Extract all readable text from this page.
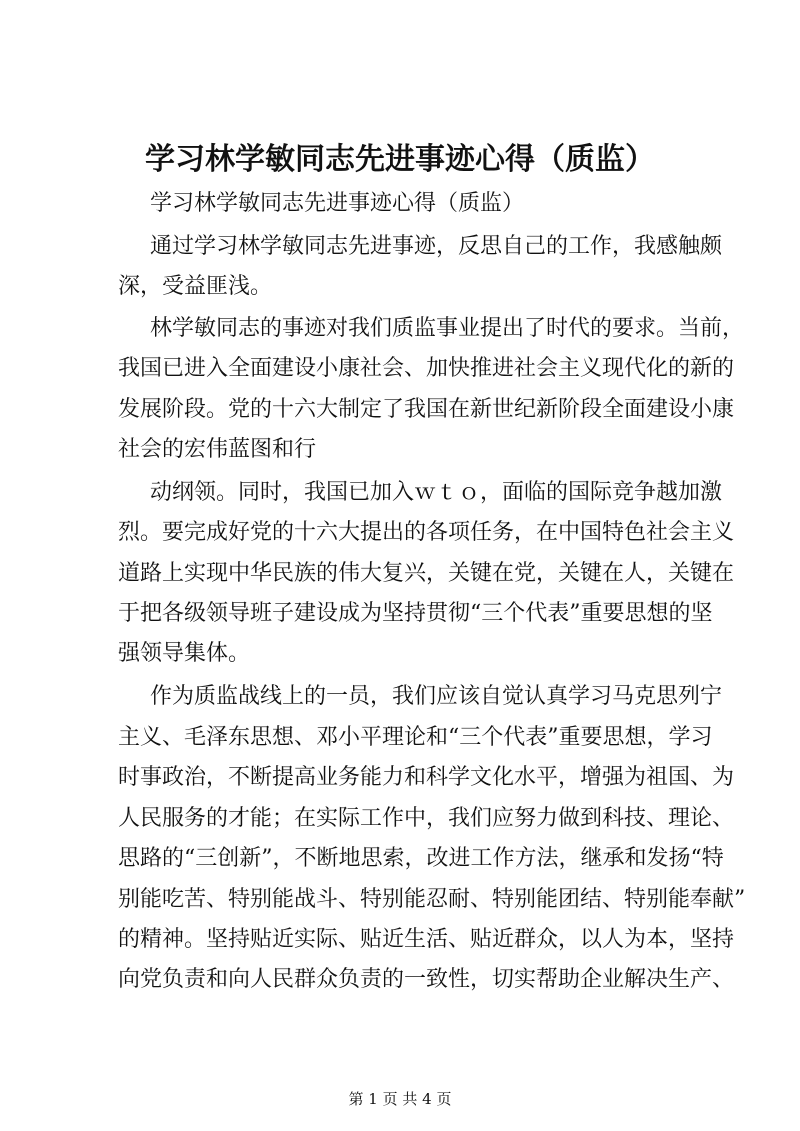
学习林学敏同志先进事迹心得（质监）
学习林学敏同志先进事迹心得（质监）
通过学习林学敏同志先进事迹，反思自己的工作，我感触颇
深，受益匪浅。
林学敏同志的事迹对我们质监事业提出了时代的要求。当前，
我国已进入全面建设小康社会、加快推进社会主义现代化的新的
发展阶段。党的十六大制定了我国在新世纪新阶段全面建设小康
社会的宏伟蓝图和行
动纲领。同时，我国已加入ｗｔｏ，面临的国际竞争越加激
烈。要完成好党的十六大提出的各项任务，在中国特色社会主义
道路上实现中华民族的伟大复兴，关键在党，关键在人，关键在
于把各级领导班子建设成为坚持贯彻“三个代表”重要思想的坚
强领导集体。
作为质监战线上的一员，我们应该自觉认真学习马克思列宁
主义、毛泽东思想、邓小平理论和“三个代表”重要思想，学习
时事政治，不断提高业务能力和科学文化水平，增强为祖国、为
人民服务的才能；在实际工作中，我们应努力做到科技、理论、
思路的“三创新”，不断地思索，改进工作方法，继承和发扬“特
别能吃苦、特别能战斗、特别能忍耐、特别能团结、特别能奉献”
的精神。坚持贴近实际、贴近生活、贴近群众，以人为本，坚持
向党负责和向人民群众负责的一致性，切实帮助企业解决生产、
第 1 页 共 4 页
